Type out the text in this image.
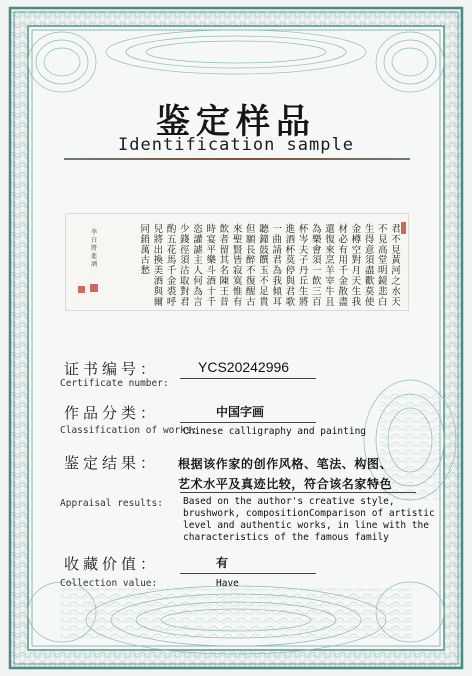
鉴定样品
Identification sample
君不見黃河之水天
不見高堂明鏡悲白
生得意須盡歡莫使
金樽空對月天生我
材必有用千金散盡
還復來烹羊宰牛且
為樂會須一飲三百
杯岑夫子丹丘生將
進酒杯莫停與君歌
一曲請君為我傾耳
聽鐘鼓饌玉不足貴
但願長醉不復醒古
來聖賢皆寂寞惟有
飲者留其名陳王昔
時宴平樂斗酒十千
恣讙謔主人何為言
少錢徑須沽取對君
酌五花馬千金裘呼
兒將出換美酒與爾
同銷萬古愁
李白將進酒
证书编号：
Certificate number:
YCS20242996
作品分类：
Classification of works:
中国字画
Chinese calligraphy and painting
鉴定结果：
Appraisal results:
根据该作家的创作风格、笔法、构图、
艺术水平及真迹比较，符合该名家特色
Based on the author's creative style,
brushwork, compositionComparison of artistic
level and authentic works, in line with the
characteristics of the famous family
收藏价值：
Collection value:
有
Have
